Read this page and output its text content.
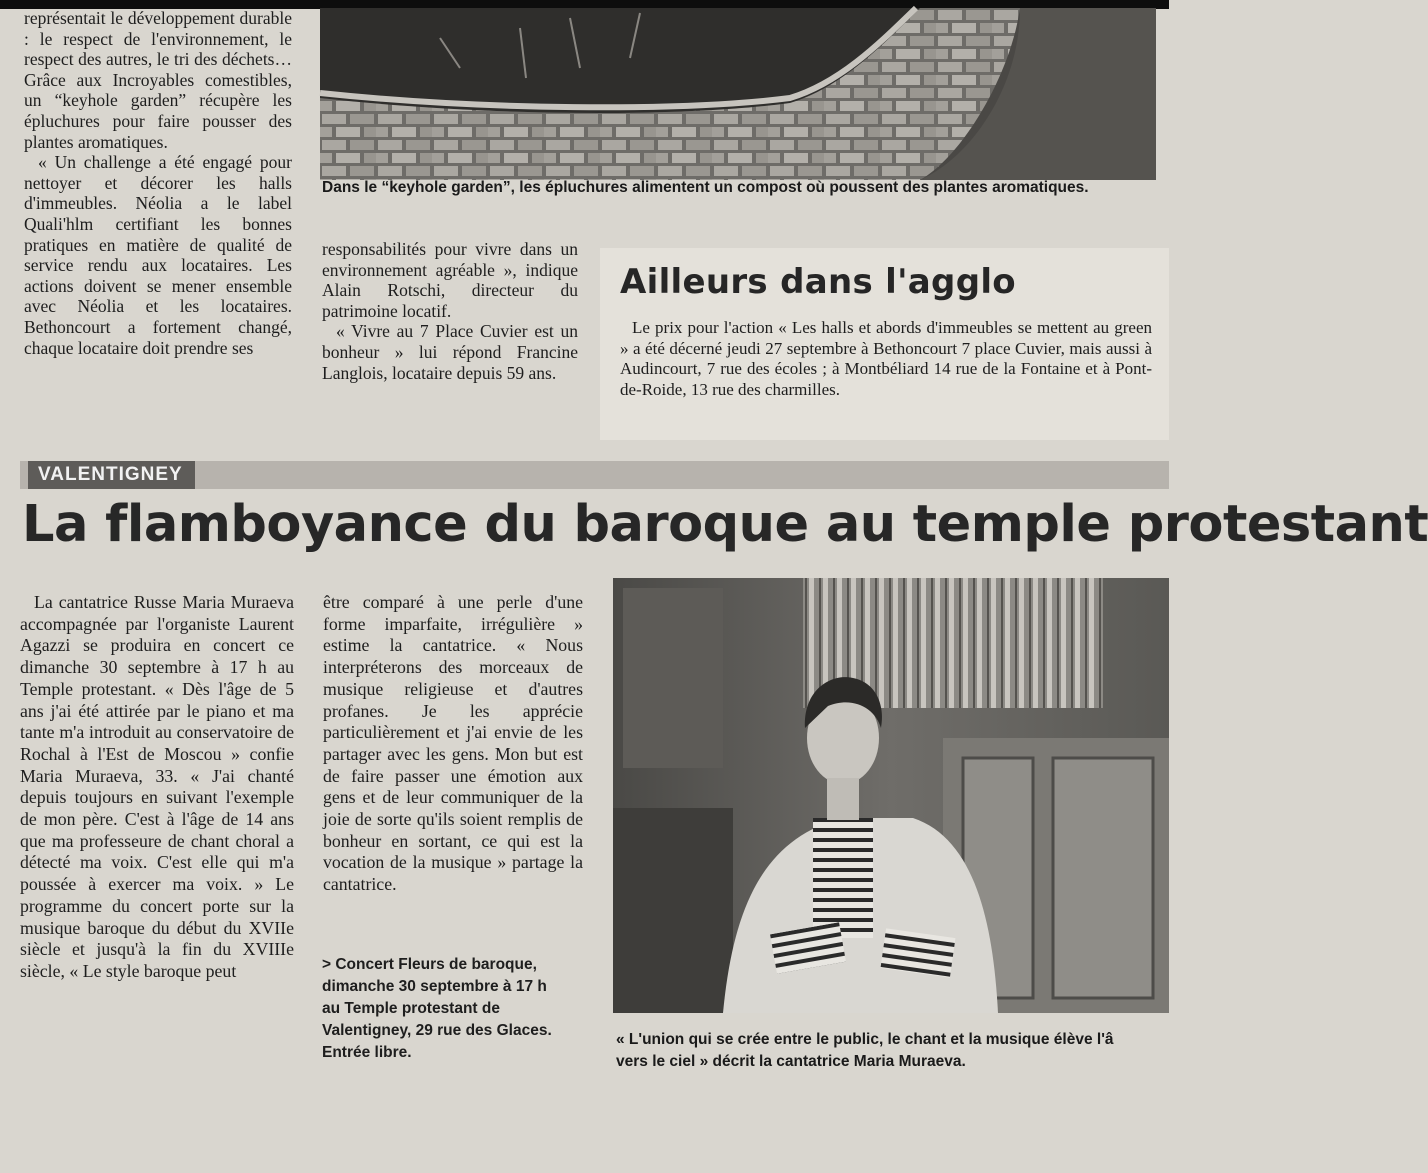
représentait le développement durable : le respect de l'environnement, le respect des autres, le tri des déchets… Grâce aux Incroyables comestibles, un “keyhole garden” récupère les épluchures pour faire pousser des plantes aromatiques.

« Un challenge a été engagé pour nettoyer et décorer les halls d'immeubles. Néolia a le label Quali'hlm certifiant les bonnes pratiques en matière de qualité de service rendu aux locataires. Les actions doivent se mener ensemble avec Néolia et les locataires. Bethoncourt a fortement changé, chaque locataire doit prendre ses

Dans le “keyhole garden”, les épluchures alimentent un compost où poussent des plantes aromatiques.

responsabilités pour vivre dans un environnement agréable », indique Alain Rotschi, directeur du patrimoine locatif.

« Vivre au 7 Place Cuvier est un bonheur » lui répond Francine Langlois, locataire depuis 59 ans.

Ailleurs dans l'agglo

Le prix pour l'action « Les halls et abords d'immeubles se mettent au green » a été décerné jeudi 27 septembre à Bethoncourt 7 place Cuvier, mais aussi à Audincourt, 7 rue des écoles ; à Montbéliard 14 rue de la Fontaine et à Pont-de-Roide, 13 rue des charmilles.

VALENTIGNEY
La flamboyance du baroque au temple protestant

La cantatrice Russe Maria Muraeva accompagnée par l'organiste Laurent Agazzi se produira en concert ce dimanche 30 septembre à 17 h au Temple protestant. « Dès l'âge de 5 ans j'ai été attirée par le piano et ma tante m'a introduit au conservatoire de Rochal à l'Est de Moscou » confie Maria Muraeva, 33. « J'ai chanté depuis toujours en suivant l'exemple de mon père. C'est à l'âge de 14 ans que ma professeure de chant choral a détecté ma voix. C'est elle qui m'a poussée à exercer ma voix. » Le programme du concert porte sur la musique baroque du début du XVIIe siècle et jusqu'à la fin du XVIIIe siècle, « Le style baroque peut

être comparé à une perle d'une forme imparfaite, irrégulière » estime la cantatrice. « Nous interpréterons des morceaux de musique religieuse et d'autres profanes. Je les apprécie particulièrement et j'ai envie de les partager avec les gens. Mon but est de faire passer une émotion aux gens et de leur communiquer de la joie de sorte qu'ils soient remplis de bonheur en sortant, ce qui est la vocation de la musique » partage la cantatrice.

> Concert Fleurs de baroque,

dimanche 30 septembre à 17 h

au Temple protestant de

Valentigney, 29 rue des Glaces.

Entrée libre.

« L'union qui se crée entre le public, le chant et la musique élève l'â

vers le ciel » décrit la cantatrice Maria Muraeva.
